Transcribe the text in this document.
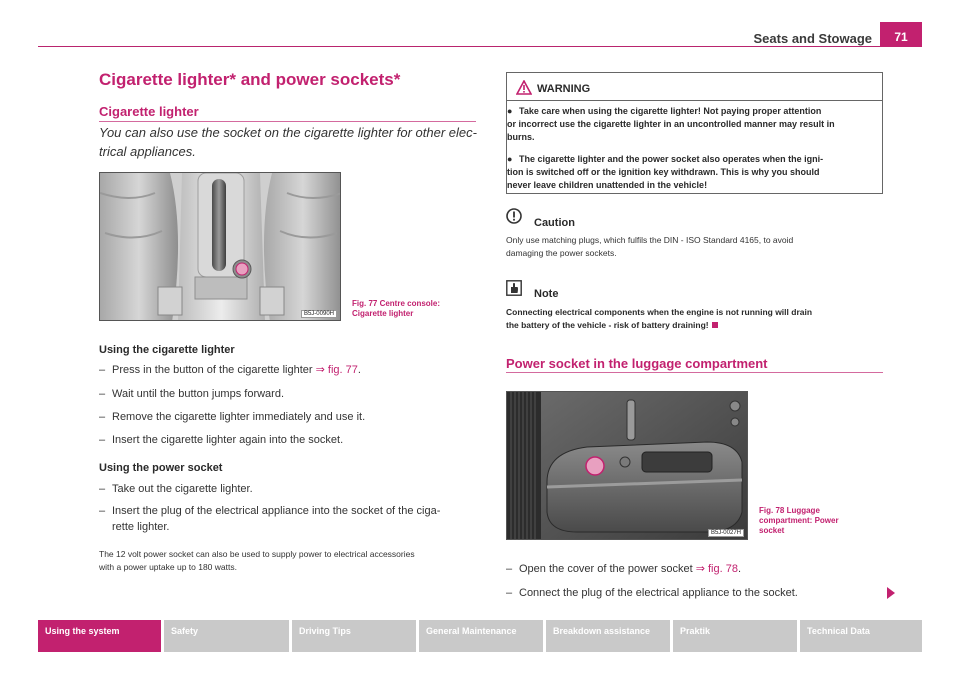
Seats and Stowage	71
Cigarette lighter* and power sockets*
Cigarette lighter
You can also use the socket on the cigarette lighter for other elec-
trical appliances.
B5J-0090H
Fig. 77 Centre console:
Cigarette lighter
Using the cigarette lighter
– Press in the button of the cigarette lighter ⇒ fig. 77.
– Wait until the button jumps forward.
– Remove the cigarette lighter immediately and use it.
– Insert the cigarette lighter again into the socket.
Using the power socket
– Take out the cigarette lighter.
– Insert the plug of the electrical appliance into the socket of the ciga-
rette lighter.
The 12 volt power socket can also be used to supply power to electrical accessories
with a power uptake up to 180 watts.
WARNING
● Take care when using the cigarette lighter! Not paying proper attention
or incorrect use the cigarette lighter in an uncontrolled manner may result in
burns.
● The cigarette lighter and the power socket also operates when the igni-
tion is switched off or the ignition key withdrawn. This is why you should
never leave children unattended in the vehicle!
Caution
Only use matching plugs, which fulfils the DIN - ISO Standard 4165, to avoid
damaging the power sockets.
Note
Connecting electrical components when the engine is not running will drain
the battery of the vehicle - risk of battery draining!
Power socket in the luggage compartment
B5J-0027H
Fig. 78 Luggage
compartment: Power
socket
– Open the cover of the power socket ⇒ fig. 78.
– Connect the plug of the electrical appliance to the socket.
Using the system	Safety	Driving Tips	General Maintenance	Breakdown assistance	Praktik	Technical Data
